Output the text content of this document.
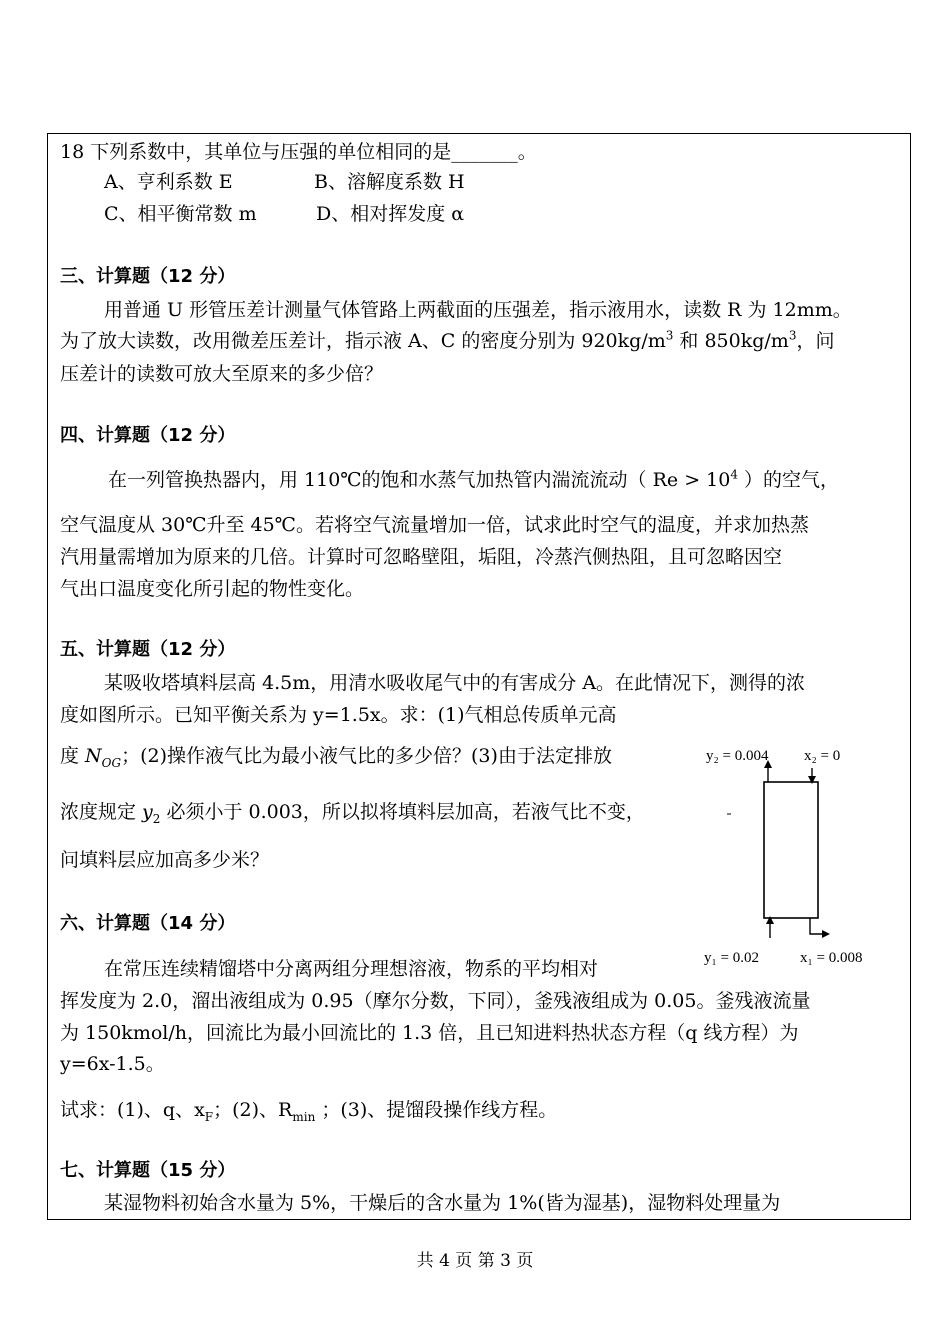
18 下列系数中，其单位与压强的单位相同的是_______。
A、亨利系数 E	B、溶解度系数 H
C、相平衡常数 m	D、相对挥发度 α
三、计算题（12 分）
用普通 U 形管压差计测量气体管路上两截面的压强差，指示液用水，读数 R 为 12mm。
为了放大读数，改用微差压差计，指示液 A、C 的密度分别为 $920kg/m^3$ 和 $850kg/m^3$，问
压差计的读数可放大至原来的多少倍？
四、计算题（12 分）
在一列管换热器内，用 110℃的饱和水蒸气加热管内湍流流动（ $Re > 10^4$ ）的空气，
空气温度从 30℃升至 45℃。若将空气流量增加一倍，试求此时空气的温度，并求加热蒸
汽用量需增加为原来的几倍。计算时可忽略壁阻，垢阻，冷蒸汽侧热阻，且可忽略因空
气出口温度变化所引起的物性变化。
五、计算题（12 分）
某吸收塔填料层高 4.5m，用清水吸收尾气中的有害成分 A。在此情况下，测得的浓
度如图所示。已知平衡关系为 y=1.5x。求：(1)气相总传质单元高
度 $N_{OG}$；(2)操作液气比为最小液气比的多少倍？(3)由于法定排放
浓度规定 $y_2$ 必须小于 0.003，所以拟将填料层加高，若液气比不变，
问填料层应加高多少米？
y₂ = 0.004 x₂ = 0
y₁ = 0.02	x₁ = 0.008
六、计算题（14 分）
在常压连续精馏塔中分离两组分理想溶液，物系的平均相对
挥发度为 2.0，溜出液组成为 0.95（摩尔分数，下同），釜残液组成为 0.05。釜残液流量
为 150kmol/h，回流比为最小回流比的 1.3 倍，且已知进料热状态方程（q 线方程）为
y=6x-1.5。
试求：(1)、q、$x_F$；(2)、$R_{min}$ ；(3)、提馏段操作线方程。
七、计算题（15 分）
某湿物料初始含水量为 5%，干燥后的含水量为 1%(皆为湿基)，湿物料处理量为
共 4 页 第 3 页
